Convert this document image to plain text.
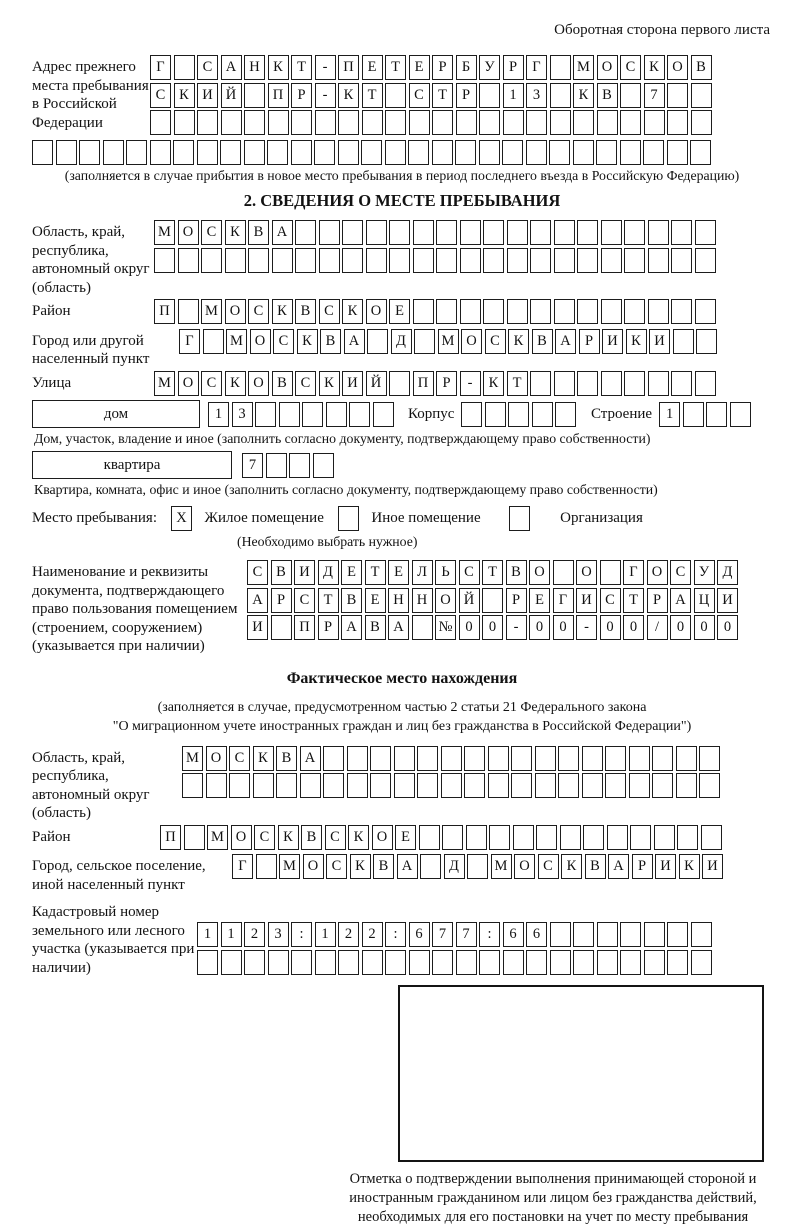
Оборотная сторона первого листа
Адрес прежнего места пребывания в Российской Федерации
Г	С А Н К Т	-	П Е	Т	Е	Р	Б У Р	Г	М О С К О В
С К И Й	П Р	-	К Т	С Т	Р	1	3	К В	7
(заполняется в случае прибытия в новое место пребывания в период последнего въезда в Российскую Федерацию)
2. СВЕДЕНИЯ О МЕСТЕ ПРЕБЫВАНИЯ
Область, край, республика, автономный округ (область)
М О С К В А
Район	П	М О С К В С К О Е
Город или другой населенный пункт
Г	М О С К В А	Д	М О С К В А Р И К И
Улица	М О С К О В С К И Й	П Р	-	К Т
дом	1	3	Корпус	Строение 1
Дом, участок, владение и иное (заполнить согласно документу, подтверждающему право собственности)
квартира	7
Квартира, комната, офис и иное (заполнить согласно документу, подтверждающему право собственности)
Место пребывания:	X	Жилое помещение	Иное помещение	Организация
(Необходимо выбрать нужное)
Наименование и реквизиты документа, подтверждающего право пользования помещением (строением, сооружением) (указывается при наличии)
С В И Д Е	Т	Е Л Ь	С Т В О	О	Г О С У Д
А Р	С Т В Е Н Н О Й	Р	Е	Г И С Т	Р А Ц И
И	П Р А В А	№ 0	0	-	0	0	-	0	0	/	0	0	0
Фактическое место нахождения
(заполняется в случае, предусмотренном частью 2 статьи 21 Федерального закона
"О миграционном учете иностранных граждан и лиц без гражданства в Российской Федерации")
Область, край, республика, автономный округ (область)
М О С К В А
Район	П	М О С К В С К О Е
Город, сельское поселение, иной населенный пункт
Г	М О С К В А	Д	М О С К В А Р И К И
Кадастровый номер земельного или лесного участка (указывается при наличии)
1	1	2	3	:	1	2	2	:	6	7	7	:	6	6
Отметка о подтверждении выполнения принимающей стороной и иностранным гражданином или лицом без гражданства действий, необходимых для его постановки на учет по месту пребывания
